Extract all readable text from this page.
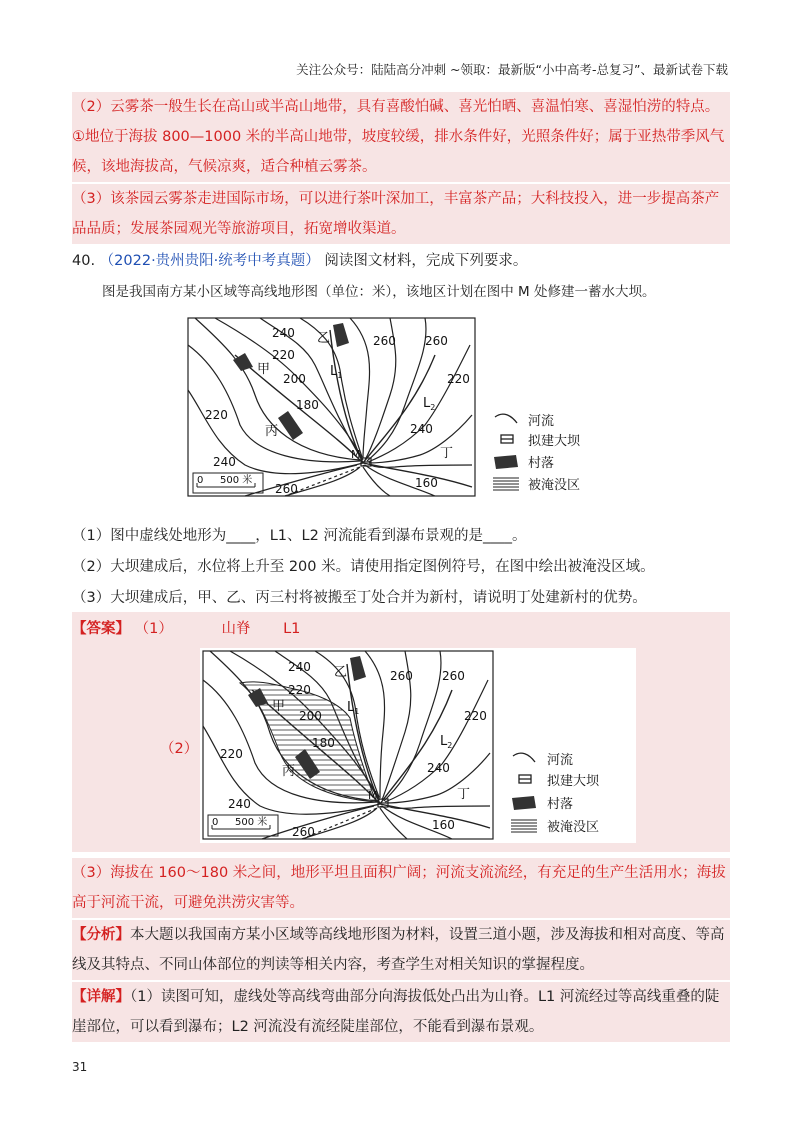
关注公众号：陆陆高分冲刺 ~领取：最新版“小中高考-总复习”、最新试卷下载
（2）云雾茶一般生长在高山或半高山地带，具有喜酸怕碱、喜光怕晒、喜温怕寒、喜湿怕涝的特点。①地位于海拔 800—1000 米的半高山地带，坡度较缓，排水条件好，光照条件好；属于亚热带季风气候，该地海拔高，气候凉爽，适合种植云雾茶。
（3）该茶园云雾茶走进国际市场，可以进行茶叶深加工，丰富茶产品；大科技投入，进一步提高茶产品品质；发展茶园观光等旅游项目，拓宽增收渠道。
40. （2022·贵州贵阳·统考中考真题） 阅读图文材料，完成下列要求。
图是我国南方某小区域等高线地形图（单位：米），该地区计划在图中 M 处修建一蓄水大坝。
240
220
200
180
220
240
260 260
220
240
160
260
甲
乙
丙
丁
$L_1$
$L_2$
M
0 500 米
河流
拟建大坝
村落
被淹没区
（1）图中虚线处地形为____，L1、L2 河流能看到瀑布景观的是____。
（2）大坝建成后，水位将上升至 200 米。请使用指定图例符号，在图中绘出被淹没区域。
（3）大坝建成后，甲、乙、丙三村将被搬至丁处合并为新村，请说明丁处建新村的优势。
【答案】 （1）	山脊 L1
（2）
240
220
200
180
220
240
260 260
220
240
160
260
甲
乙
丙
丁
$L_1$
$L_2$
M
0 500 米
河流
拟建大坝
村落
被淹没区
（3）海拔在 160～180 米之间，地形平坦且面积广阔；河流支流流经，有充足的生产生活用水；海拔高于河流干流，可避免洪涝灾害等。
【分析】本大题以我国南方某小区域等高线地形图为材料，设置三道小题，涉及海拔和相对高度、等高线及其特点、不同山体部位的判读等相关内容，考查学生对相关知识的掌握程度。
【详解】（1）读图可知，虚线处等高线弯曲部分向海拔低处凸出为山脊。L1 河流经过等高线重叠的陡崖部位，可以看到瀑布；L2 河流没有流经陡崖部位，不能看到瀑布景观。
31
